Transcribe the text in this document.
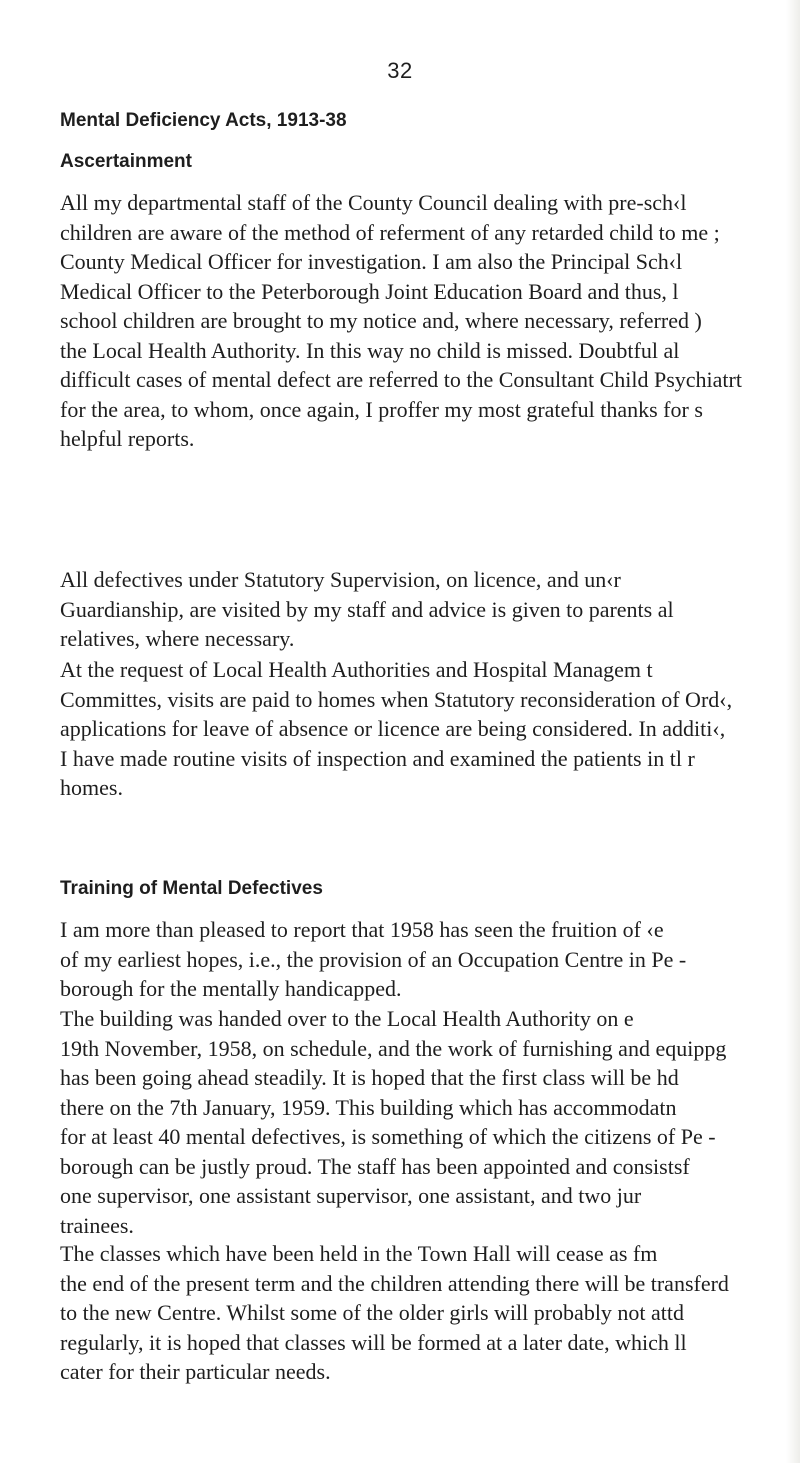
32
Mental Deficiency Acts, 1913-38
Ascertainment
All my departmental staff of the County Council dealing with pre-sch‹l
children are aware of the method of referment of any retarded child to me ;
County Medical Officer for investigation. I am also the Principal Sch‹l
Medical Officer to the Peterborough Joint Education Board and thus, l
school children are brought to my notice and, where necessary, referred )
the Local Health Authority. In this way no child is missed. Doubtful al
difficult cases of mental defect are referred to the Consultant Child Psychiatrt
for the area, to whom, once again, I proffer my most grateful thanks for s
helpful reports.
All defectives under Statutory Supervision, on licence, and un‹r
Guardianship, are visited by my staff and advice is given to parents al
relatives, where necessary.
At the request of Local Health Authorities and Hospital Managem t
Committes, visits are paid to homes when Statutory reconsideration of Ord‹,
applications for leave of absence or licence are being considered. In additi‹,
I have made routine visits of inspection and examined the patients in tl r
homes.
Training of Mental Defectives
I am more than pleased to report that 1958 has seen the fruition of ‹e
of my earliest hopes, i.e., the provision of an Occupation Centre in Pe -
borough for the mentally handicapped.
The building was handed over to the Local Health Authority on e
19th November, 1958, on schedule, and the work of furnishing and equippg
has been going ahead steadily. It is hoped that the first class will be hd
there on the 7th January, 1959. This building which has accommodatn
for at least 40 mental defectives, is something of which the citizens of Pe -
borough can be justly proud. The staff has been appointed and consistsf
one supervisor, one assistant supervisor, one assistant, and two jur
trainees.
The classes which have been held in the Town Hall will cease as fm
the end of the present term and the children attending there will be transferd
to the new Centre. Whilst some of the older girls will probably not attd
regularly, it is hoped that classes will be formed at a later date, which ll
cater for their particular needs.
